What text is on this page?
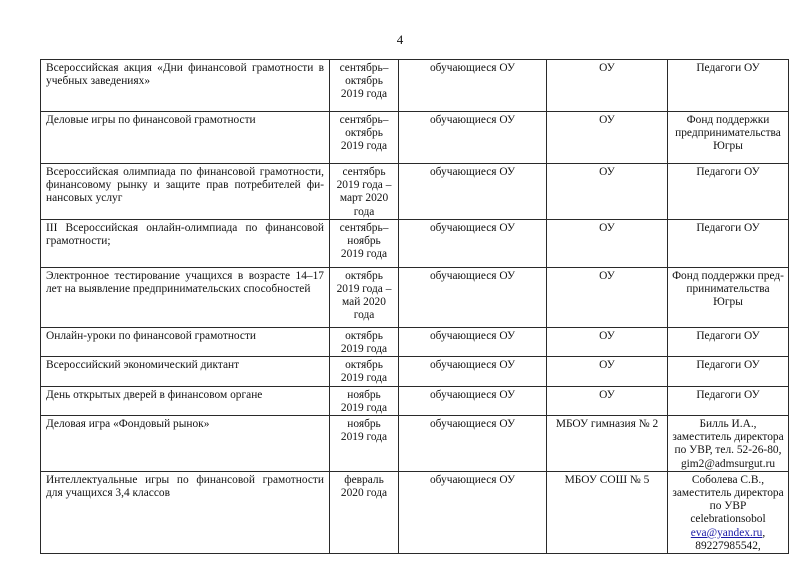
4
Всероссийская акция «Дни финансовой грамотности в учебных заведениях»	сентябрь–
октябрь
2019 года	обучающиеся ОУ	ОУ	Педагоги ОУ

Деловые игры по финансовой грамотности	сентябрь–
октябрь
2019 года	обучающиеся ОУ	ОУ	Фонд поддержки
предпринимательства
Югры

Всероссийская олимпиада по финансовой грамотности, финансовому рынку и защите прав потребителей фи-нансовых услуг	сентябрь
2019 года –
март 2020
года	обучающиеся ОУ	ОУ	Педагоги ОУ

III Всероссийская онлайн-олимпиада по финансовой грамотности;	сентябрь–
ноябрь
2019 года	обучающиеся ОУ	ОУ	Педагоги ОУ

Электронное тестирование учащихся в возрасте 14–17 лет на выявление предпринимательских способностей	октябрь
2019 года –
май 2020
года	обучающиеся ОУ	ОУ	Фонд поддержки пред-
принимательства Югры

Онлайн-уроки по финансовой грамотности	октябрь
2019 года	обучающиеся ОУ	ОУ	Педагоги ОУ

Всероссийский экономический диктант	октябрь
2019 года	обучающиеся ОУ	ОУ	Педагоги ОУ

День открытых дверей в финансовом органе	ноябрь
2019 года	обучающиеся ОУ	ОУ	Педагоги ОУ

Деловая игра «Фондовый рынок»	ноябрь
2019 года	обучающиеся ОУ	МБОУ гимназия № 2	Билль И.А.,
заместитель директора
по УВР, тел. 52-26-80,
gim2@admsurgut.ru

Интеллектуальные игры по финансовой грамотности для учащихся 3,4 классов	
февраль
2020 года
	обучающиеся ОУ	МБОУ СОШ № 5	Соболева С.В.,
заместитель директора
по УВР
celebrationsobol
eva@yandex.ru,
89227985542,
